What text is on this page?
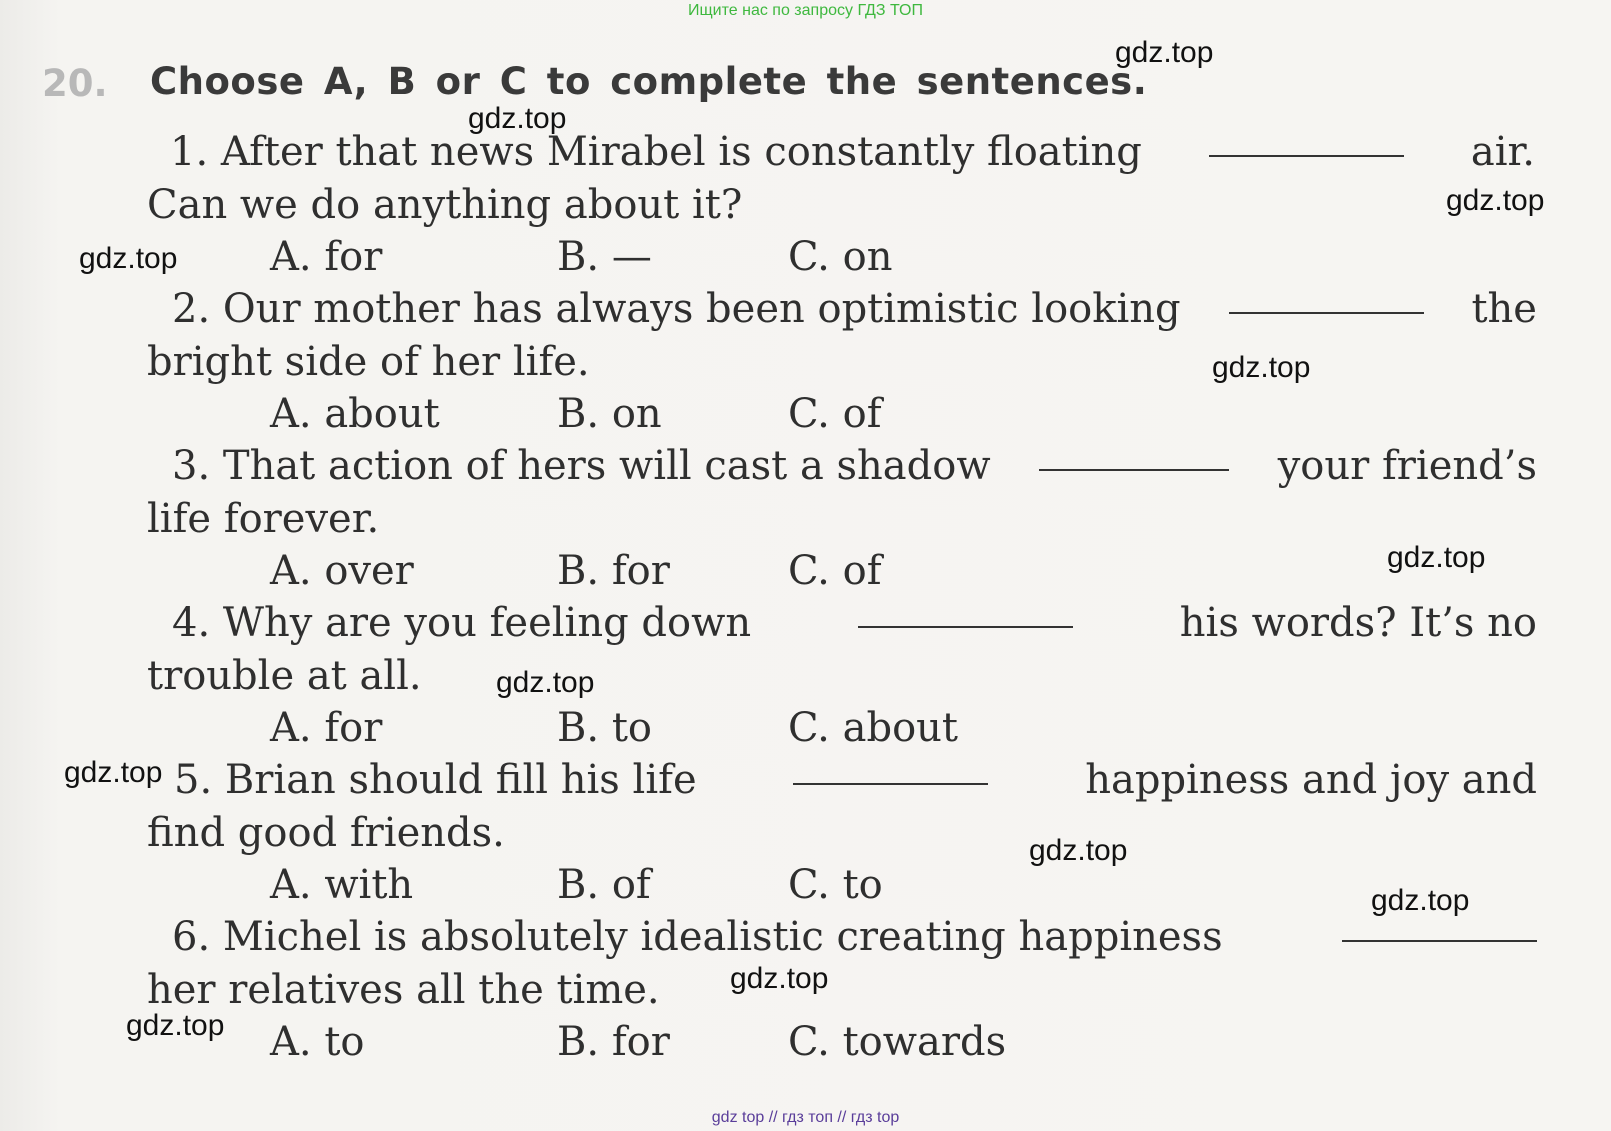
Ищите нас по запросу ГДЗ ТОП
20. Choose A, B or C to complete the sentences.
1. After that news Mirabel is constantly floating	air.
Can we do anything about it?
A. for	B. —	C. on
2. Our mother has always been optimistic looking	the
bright side of her life.
A. about	B. on	C. of
3. That action of hers will cast a shadow	your friend’s
life forever.
A. over	B. for	C. of
4. Why are you feeling down	his words? It’s no
trouble at all.
A. for	B. to	C. about
5. Brian should fill his life	happiness and joy and
find good friends.
A. with	B. of	C. to
6. Michel is absolutely idealistic creating happiness
her relatives all the time.
A. to	B. for	C. towards
gdz.top
gdz.top
gdz.top
gdz.top
gdz.top
gdz.top
gdz.top
gdz.top
gdz.top
gdz.top
gdz.top
gdz.top
gdz top // гдз топ // гдз top
